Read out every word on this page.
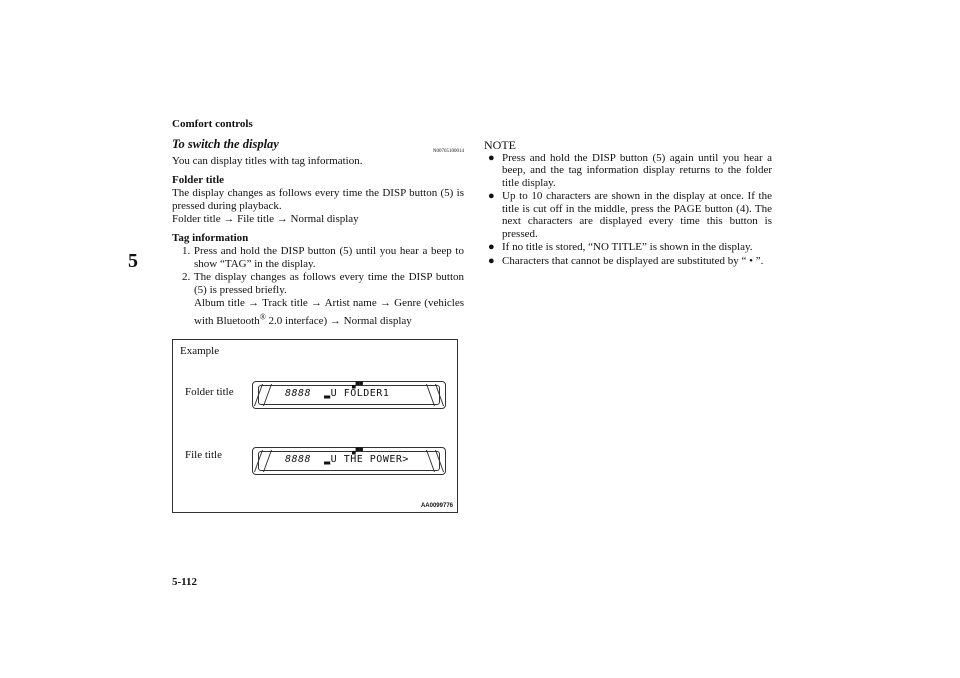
Comfort controls
5
5-112
To switch the display
N00765100014

You can display titles with tag information.

Folder title

The display changes as follows every time the DISP button (5) is pressed during playback.

Folder title → File title → Normal display

Tag information
1. Press and hold the DISP button (5) until you hear a beep to show “TAG” in the display.
2. The display changes as follows every time the DISP button (5) is pressed briefly.
Album title → Track title → Artist name → Genre (vehicles with Bluetooth® 2.0 interface) → Normal display
Example
Folder title
▄▀▀
8888 ▂U FOLDER1
File title	▄▀▀
8888 ▂U THE POWER>
AA0099776
NOTE
● Press and hold the DISP button (5) again until you hear a beep, and the tag information display returns to the folder title display.
● Up to 10 characters are shown in the display at once. If the title is cut off in the middle, press the PAGE button (4). The next characters are displayed every time this button is pressed.
● If no title is stored, “NO TITLE” is shown in the display.
● Characters that cannot be displayed are substituted by “ • ”.
